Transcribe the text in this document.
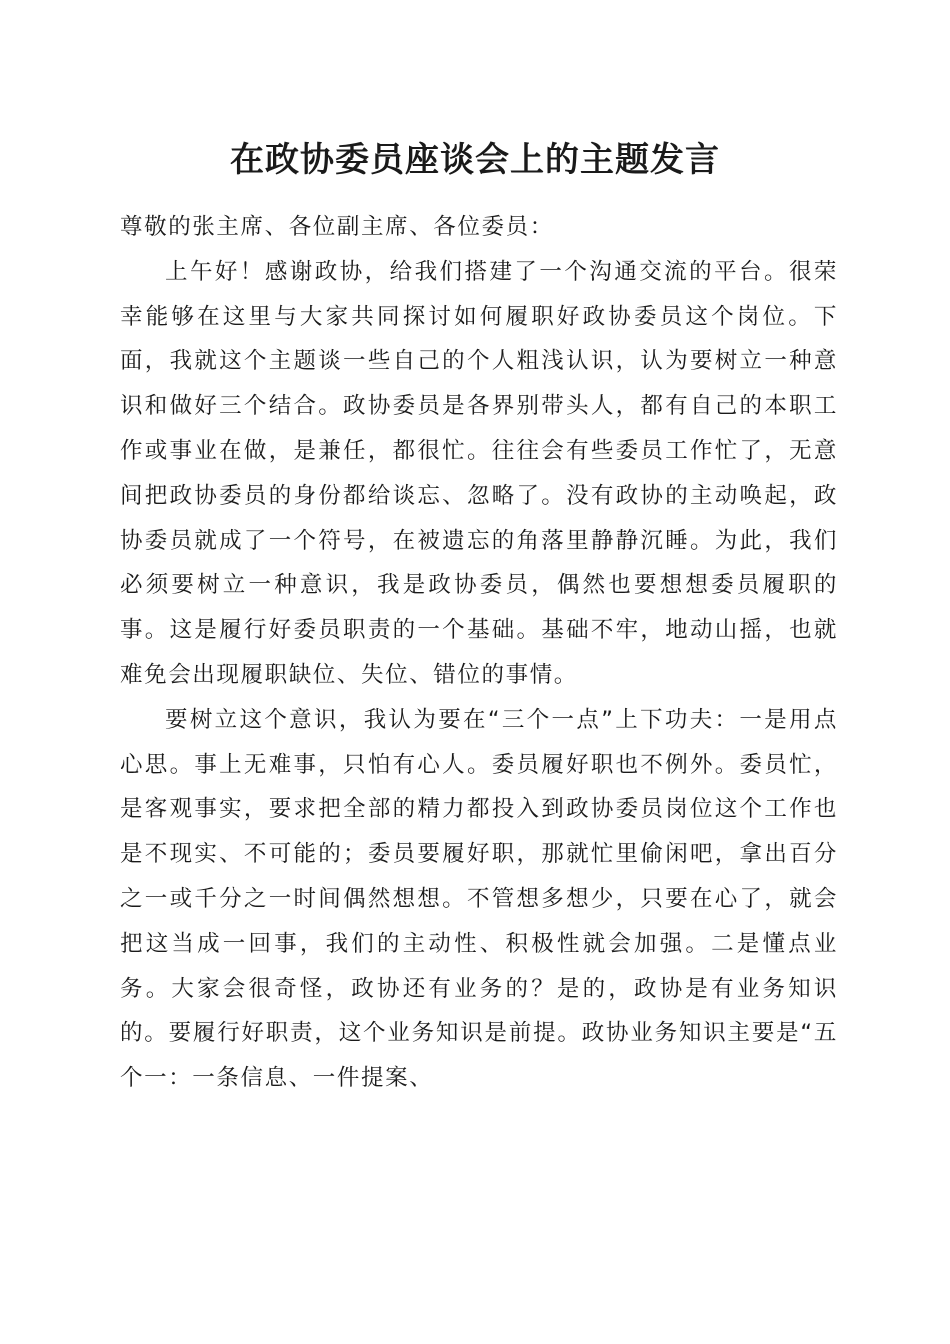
在政协委员座谈会上的主题发言

尊敬的张主席、各位副主席、各位委员：

上午好！感谢政协，给我们搭建了一个沟通交流的平台。很荣幸能够在这里与大家共同探讨如何履职好政协委员这个岗位。下面，我就这个主题谈一些自己的个人粗浅认识，认为要树立一种意识和做好三个结合。政协委员是各界别带头人，都有自己的本职工作或事业在做，是兼任，都很忙。往往会有些委员工作忙了，无意间把政协委员的身份都给谈忘、忽略了。没有政协的主动唤起，政协委员就成了一个符号，在被遗忘的角落里静静沉睡。为此，我们必须要树立一种意识，我是政协委员，偶然也要想想委员履职的事。这是履行好委员职责的一个基础。基础不牢，地动山摇，也就难免会出现履职缺位、失位、错位的事情。

要树立这个意识，我认为要在“三个一点”上下功夫：一是用点心思。事上无难事，只怕有心人。委员履好职也不例外。委员忙，是客观事实，要求把全部的精力都投入到政协委员岗位这个工作也是不现实、不可能的；委员要履好职，那就忙里偷闲吧，拿出百分之一或千分之一时间偶然想想。不管想多想少，只要在心了，就会把这当成一回事，我们的主动性、积极性就会加强。二是懂点业务。大家会很奇怪，政协还有业务的？是的，政协是有业务知识的。要履行好职责，这个业务知识是前提。政协业务知识主要是“五个一：一条信息、一件提案、
